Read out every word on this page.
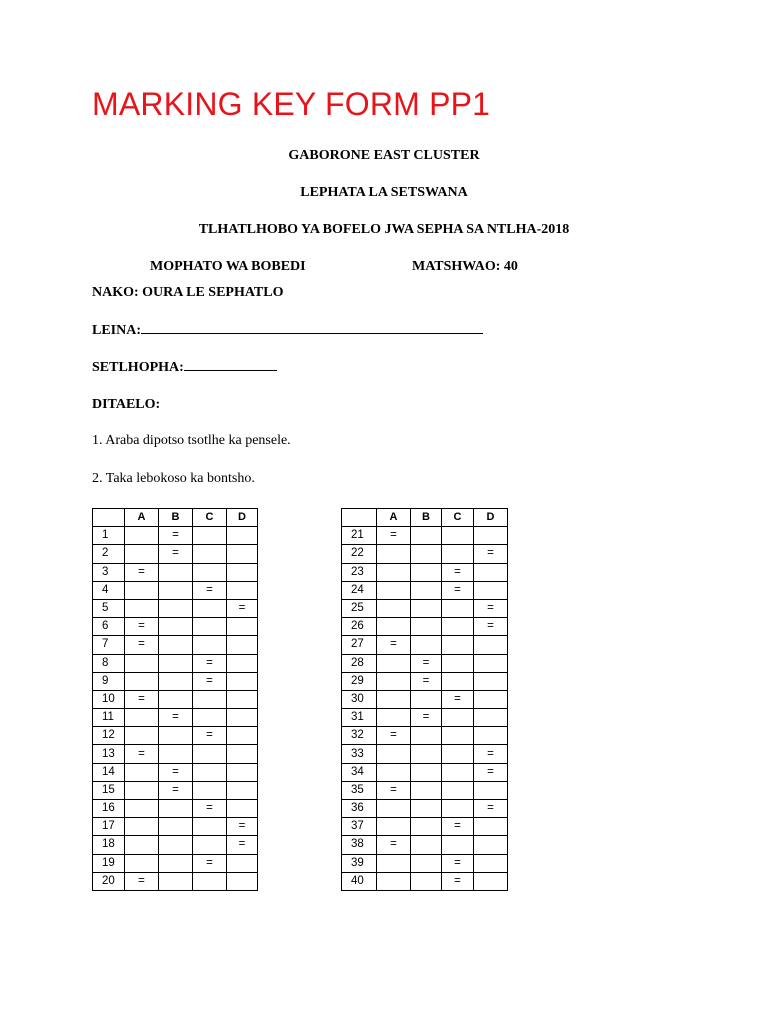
MARKING KEY FORM PP1
GABORONE EAST CLUSTER
LEPHATA LA SETSWANA
TLHATLHOBO YA BOFELO JWA SEPHA SA NTLHA-2018
MOPHATO WA BOBEDI	MATSHWAO: 40
NAKO: OURA LE SEPHATLO
LEINA:
SETLHOPHA:
DITAELO:
1. Araba dipotso tsotlhe ka pensele.
2. Taka lebokoso ka bontsho.
	A	B	C	D
1		=		
2		=		
3	=			
4			=	
5				=
6	=			
7	=			
8			=	
9			=	
10	=			
11		=		
12			=	
13	=			
14		=		
15		=		
16			=	
17				=
18				=
19			=	
20	=			
	A	B	C	D
21	=			
22				=
23			=	
24			=	
25				=
26				=
27	=			
28		=		
29		=		
30			=	
31		=		
32	=			
33				=
34				=
35	=			
36				=
37			=	
38	=			
39			=	
40			=	
